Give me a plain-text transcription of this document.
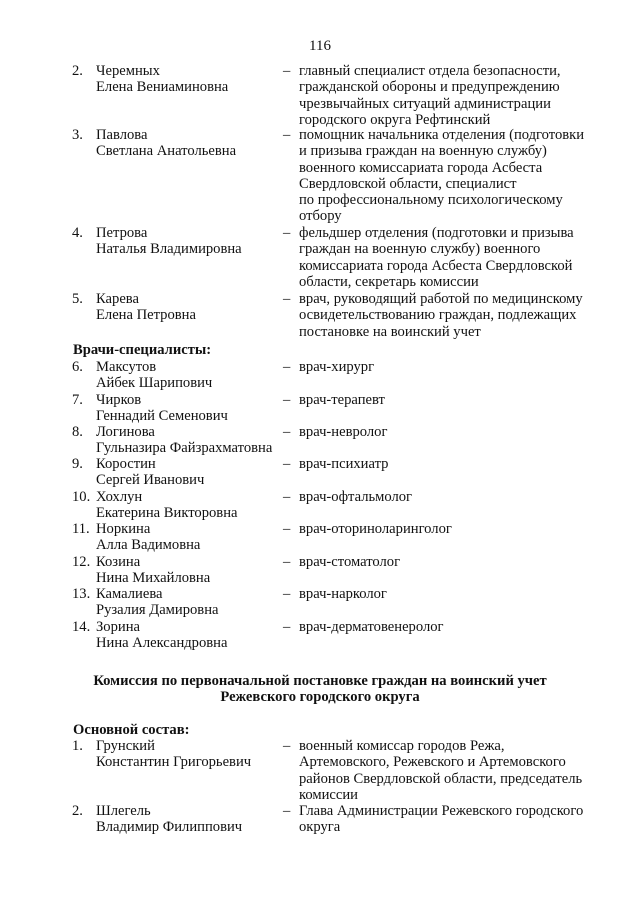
116
2. Черемных
Елена Вениаминовна
– главный специалист отдела безопасности,
гражданской обороны и предупреждению
чрезвычайных ситуаций администрации
городского округа Рефтинский
3. Павлова
Светлана Анатольевна
– помощник начальника отделения (подготовки
и призыва граждан на военную службу)
военного комиссариата города Асбеста
Свердловской области, специалист
по профессиональному психологическому
отбору
4. Петрова
Наталья Владимировна
– фельдшер отделения (подготовки и призыва
граждан на военную службу) военного
комиссариата города Асбеста Свердловской
области, секретарь комиссии
5. Карева
Елена Петровна
– врач, руководящий работой по медицинскому
освидетельствованию граждан, подлежащих
постановке на воинский учет
Врачи-специалисты:
6. Максутов
Айбек Шарипович
– врач-хирург
7. Чирков
Геннадий Семенович
– врач-терапевт
8. Логинова
Гульназира Файзрахматовна
– врач-невролог
9. Коростин
Сергей Иванович
– врач-психиатр
10. Хохлун
Екатерина Викторовна
– врач-офтальмолог
11. Норкина
Алла Вадимовна
– врач-оториноларинголог
12. Козина
Нина Михайловна
– врач-стоматолог
13. Камалиева
Рузалия Дамировна
– врач-нарколог
14. Зорина
Нина Александровна
– врач-дерматовенеролог
Комиссия по первоначальной постановке граждан на воинский учет
Режевского городского округа
Основной состав:
1. Грунский
Константин Григорьевич
– военный комиссар городов Режа,
Артемовского, Режевского и Артемовского
районов Свердловской области, председатель
комиссии
2. Шлегель
Владимир Филиппович
– Глава Администрации Режевского городского
округа
